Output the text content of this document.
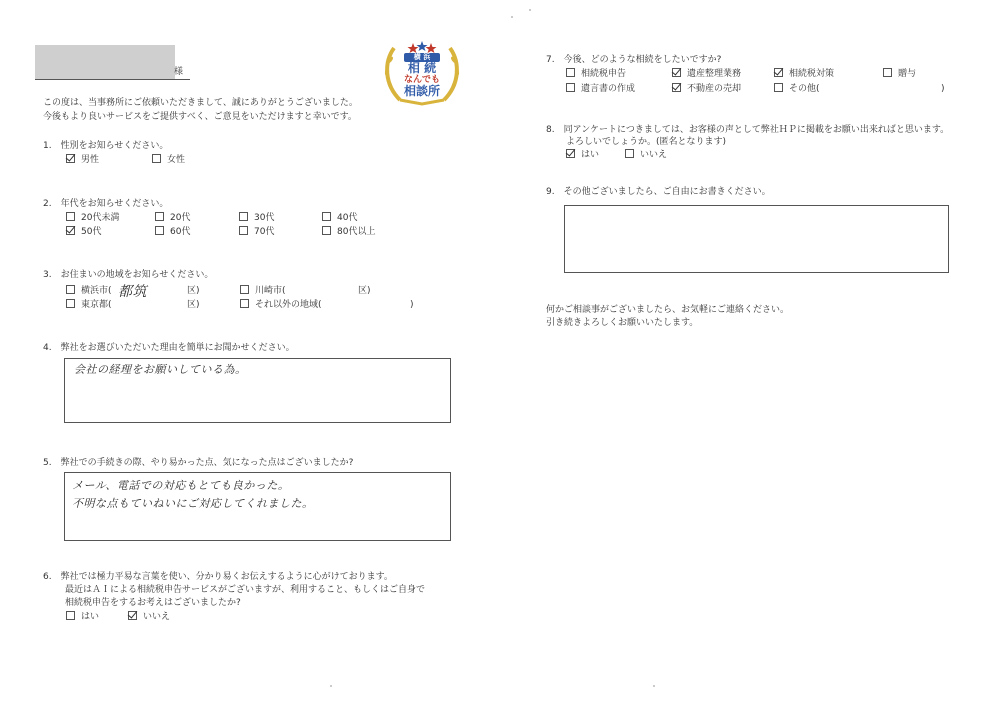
様
この度は、当事務所にご依頼いただきまして、誠にありがとうございました。
今後もより良いサービスをご提供すべく、ご意見をいただけますと幸いです。
横 浜
相 続
なんでも
相談所
1.　性別をお知らせください。
男性	女性
2.　年代をお知らせください。
20代未満	20代	30代	40代
50代	60代	70代	80代以上
3.　お住まいの地域をお知らせください。
横浜市( 都筑	区)	川崎市(	区)
東京都(	区)	それ以外の地域(	)
4.　弊社をお選びいただいた理由を簡単にお聞かせください。
会社の経理をお願いしている為。
5.　弊社での手続きの際、やり易かった点、気になった点はございましたか?
メール、電話での対応もとても良かった。
不明な点もていねいにご対応してくれました。
6.　弊社では極力平易な言葉を使い、分かり易くお伝えするように心がけております。
最近はＡＩによる相続税申告サービスがございますが、利用すること、もしくはご自身で
相続税申告をするお考えはございましたか?
はい	いいえ
7.　今後、どのような相続をしたいですか?
相続税申告	遺産整理業務	相続税対策	贈与
遺言書の作成	不動産の売却	その他(	)
8.　同アンケートにつきましては、お客様の声として弊社ＨＰに掲載をお願い出来ればと思います。
よろしいでしょうか。(匿名となります)
はい	いいえ
9.　その他ございましたら、ご自由にお書きください。
何かご相談事がございましたら、お気軽にご連絡ください。
引き続きよろしくお願いいたします。
